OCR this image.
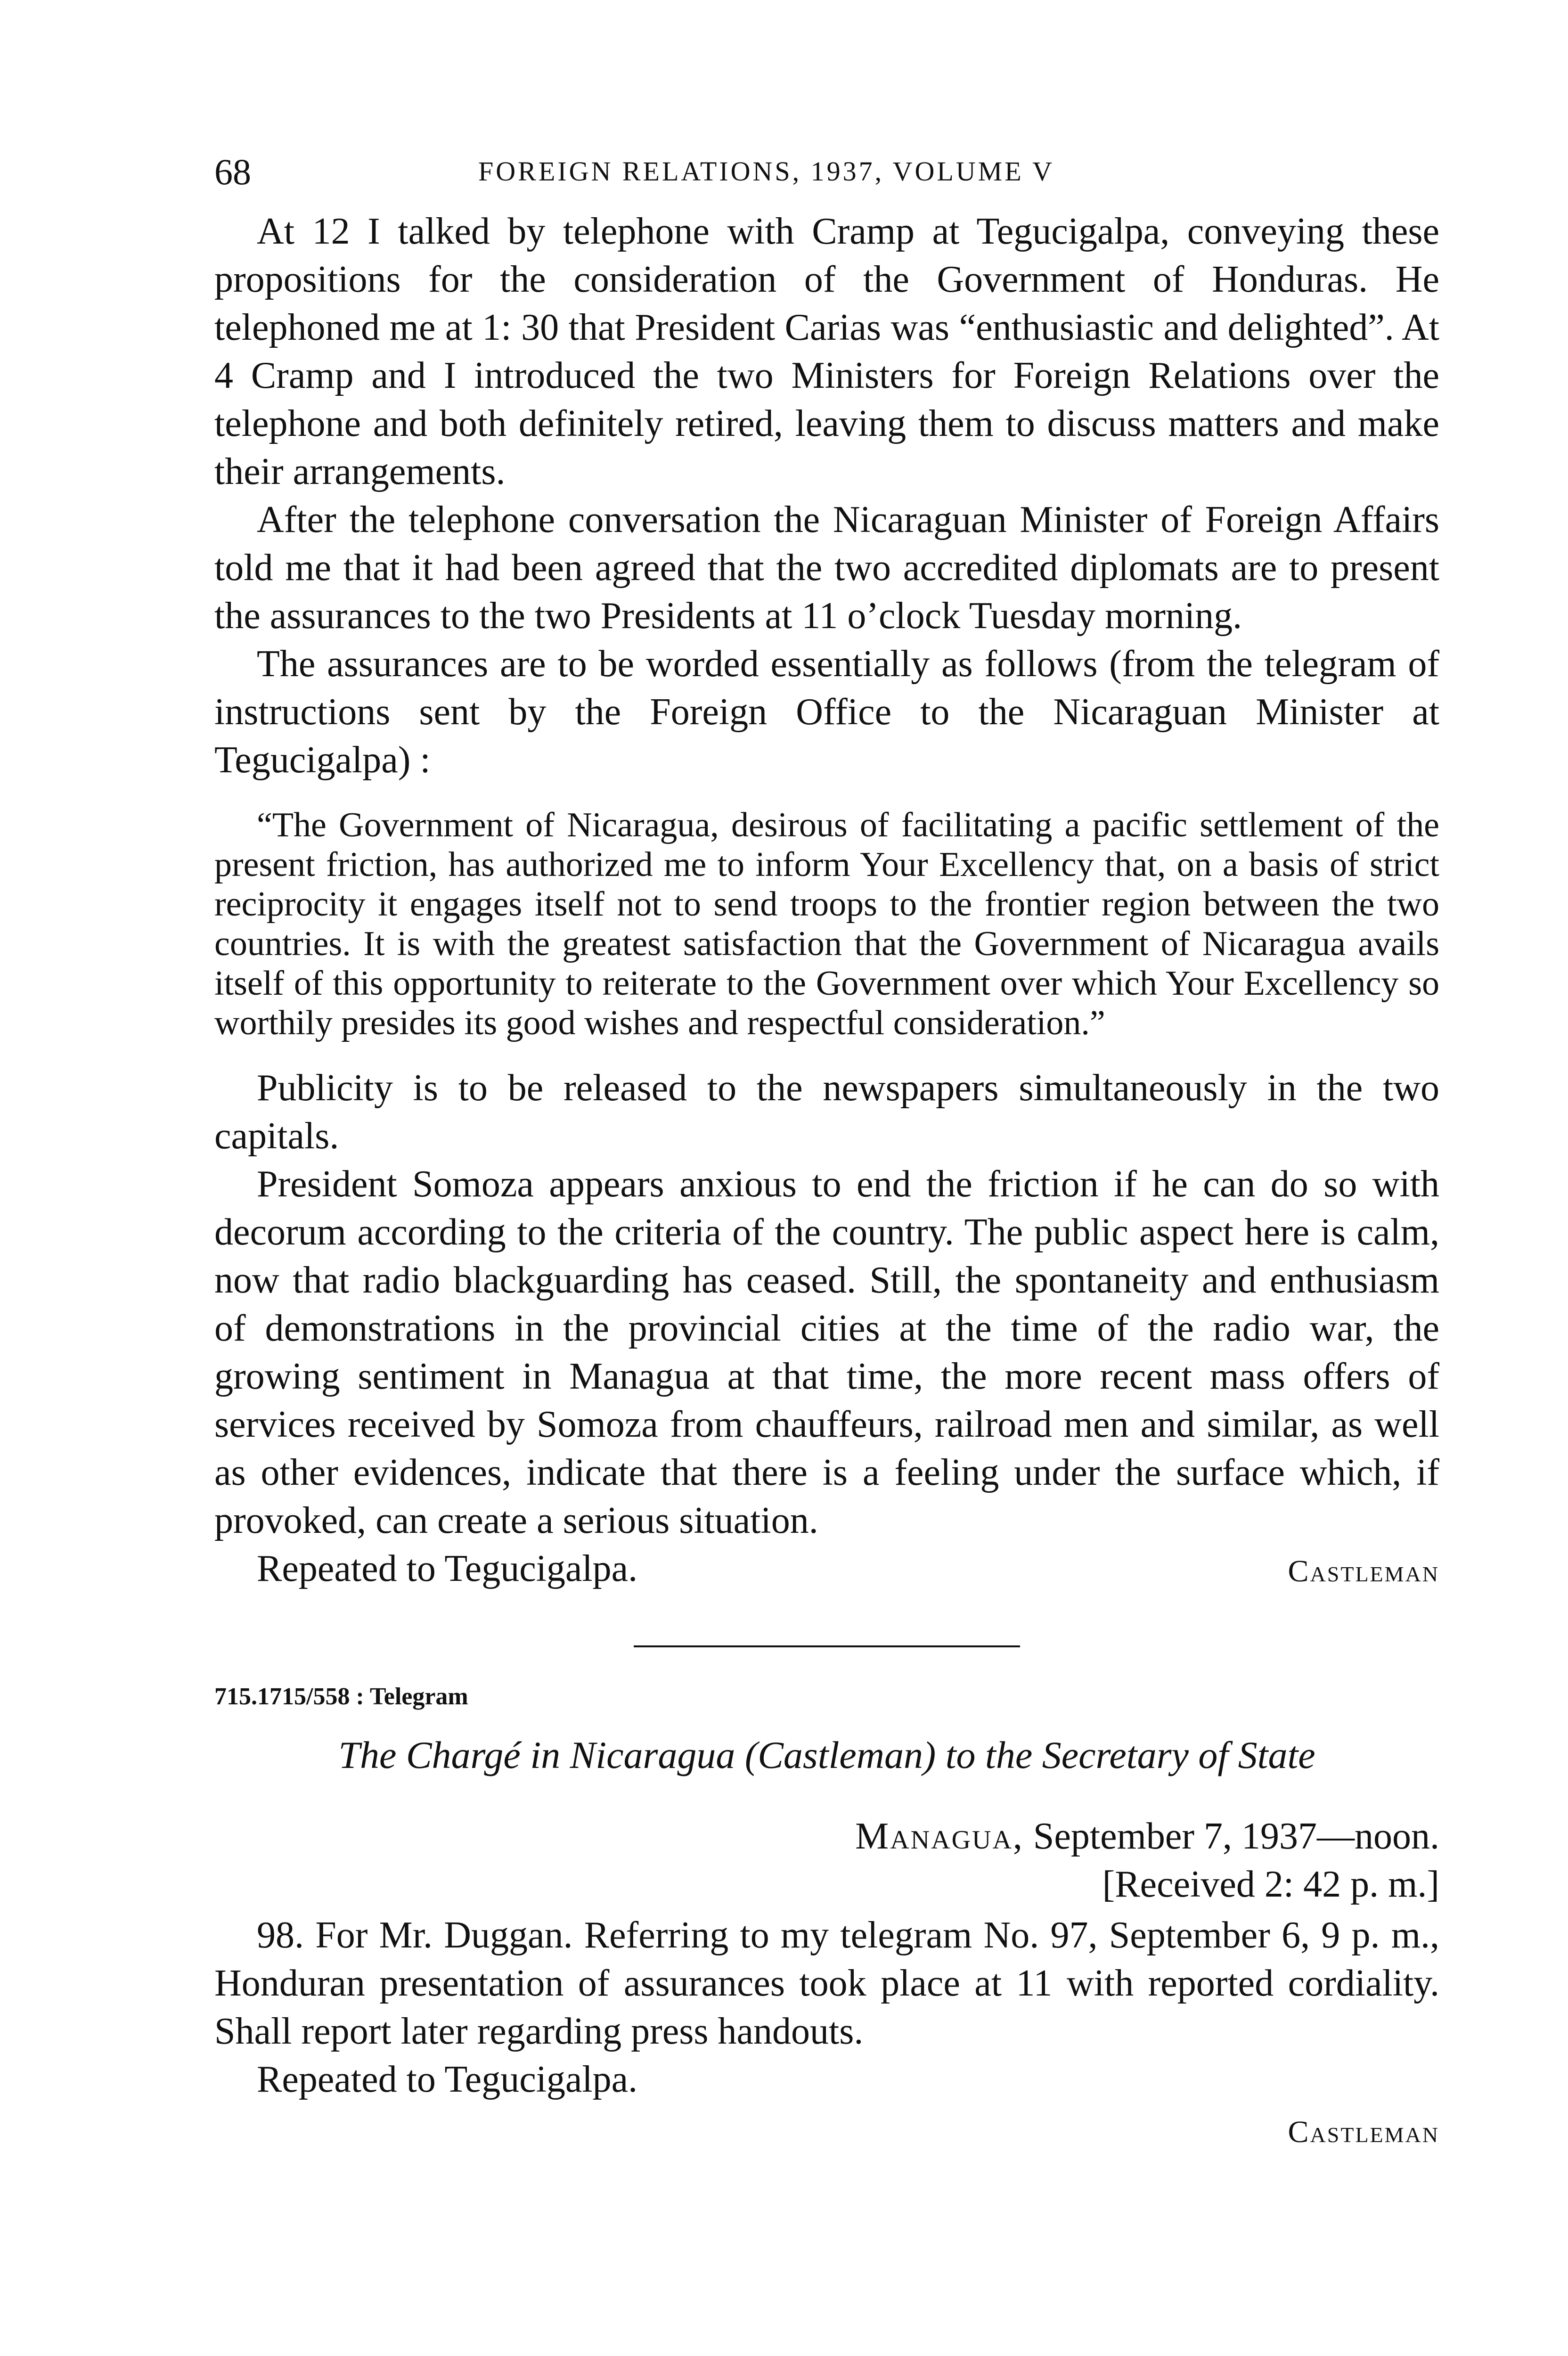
68	FOREIGN RELATIONS, 1937, VOLUME V

At 12 I talked by telephone with Cramp at Tegucigalpa, conveying these propositions for the consideration of the Government of Honduras. He telephoned me at 1: 30 that President Carias was “enthusiastic and delighted”. At 4 Cramp and I introduced the two Ministers for Foreign Relations over the telephone and both definitely retired, leaving them to discuss matters and make their arrangements.

After the telephone conversation the Nicaraguan Minister of Foreign Affairs told me that it had been agreed that the two accredited diplomats are to present the assurances to the two Presidents at 11 o’clock Tuesday morning.

The assurances are to be worded essentially as follows (from the telegram of instructions sent by the Foreign Office to the Nicaraguan Minister at Tegucigalpa) :

“The Government of Nicaragua, desirous of facilitating a pacific settlement of the present friction, has authorized me to inform Your Excellency that, on a basis of strict reciprocity it engages itself not to send troops to the frontier region between the two countries. It is with the greatest satisfaction that the Government of Nicaragua avails itself of this opportunity to reiterate to the Government over which Your Excellency so worthily presides its good wishes and respectful consideration.”

Publicity is to be released to the newspapers simultaneously in the two capitals.

President Somoza appears anxious to end the friction if he can do so with decorum according to the criteria of the country. The public aspect here is calm, now that radio blackguarding has ceased. Still, the spontaneity and enthusiasm of demonstrations in the provincial cities at the time of the radio war, the growing sentiment in Managua at that time, the more recent mass offers of services received by Somoza from chauffeurs, railroad men and similar, as well as other evidences, indicate that there is a feeling under the surface which, if provoked, can create a serious situation.

Repeated to Tegucigalpa.	Castleman
715.1715/558 : Telegram
The Chargé in Nicaragua (Castleman) to the Secretary of State
Managua, September 7, 1937—noon.
[Received 2: 42 p. m.]

98. For Mr. Duggan. Referring to my telegram No. 97, September 6, 9 p. m., Honduran presentation of assurances took place at 11 with reported cordiality. Shall report later regarding press handouts.

Repeated to Tegucigalpa.
Castleman
